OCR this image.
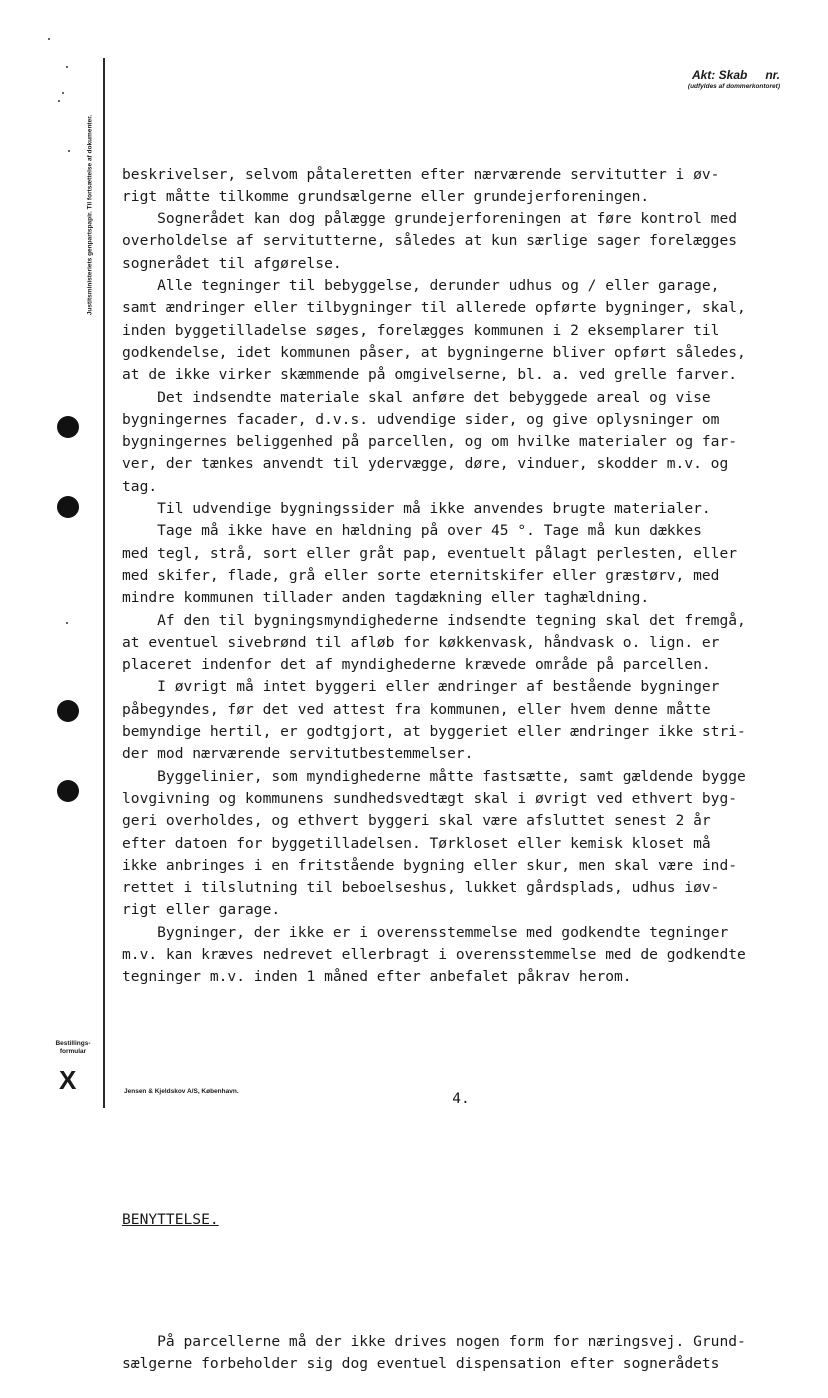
Justitsministeriets genpartspapir. Til fortsættelse af dokumenter.
Akt: Skab nr.
(udfyldes af dommerkontoret)

beskrivelser, selvom påtaleretten efter nærværende servitutter i øv-
rigt måtte tilkomme grundsælgerne eller grundejerforeningen.
Sognerådet kan dog pålægge grundejerforeningen at føre kontrol med
overholdelse af servitutterne, således at kun særlige sager forelægges
sognerådet til afgørelse.
Alle tegninger til bebyggelse, derunder udhus og / eller garage,
samt ændringer eller tilbygninger til allerede opførte bygninger, skal,
inden byggetilladelse søges, forelægges kommunen i 2 eksemplarer til
godkendelse, idet kommunen påser, at bygningerne bliver opført således,
at de ikke virker skæmmende på omgivelserne, bl. a. ved grelle farver.
Det indsendte materiale skal anføre det bebyggede areal og vise
bygningernes facader, d.v.s. udvendige sider, og give oplysninger om
bygningernes beliggenhed på parcellen, og om hvilke materialer og far-
ver, der tænkes anvendt til ydervægge, døre, vinduer, skodder m.v. og
tag.
Til udvendige bygningssider må ikke anvendes brugte materialer.
Tage må ikke have en hældning på over 45 °. Tage må kun dækkes
med tegl, strå, sort eller gråt pap, eventuelt pålagt perlesten, eller
med skifer, flade, grå eller sorte eternitskifer eller græstørv, med
mindre kommunen tillader anden tagdækning eller taghældning.
Af den til bygningsmyndighederne indsendte tegning skal det fremgå,
at eventuel sivebrønd til afløb for køkkenvask, håndvask o. lign. er
placeret indenfor det af myndighederne krævede område på parcellen.
I øvrigt må intet byggeri eller ændringer af bestående bygninger
påbegyndes, før det ved attest fra kommunen, eller hvem denne måtte
bemyndige hertil, er godtgjort, at byggeriet eller ændringer ikke stri-
der mod nærværende servitutbestemmelser.
Byggelinier, som myndighederne måtte fastsætte, samt gældende bygge
lovgivning og kommunens sundhedsvedtægt skal i øvrigt ved ethvert byg-
geri overholdes, og ethvert byggeri skal være afsluttet senest 2 år
efter datoen for byggetilladelsen. Tørkloset eller kemisk kloset må
ikke anbringes i en fritstående bygning eller skur, men skal være ind-
rettet i tilslutning til beboelseshus, lukket gårdsplads, udhus iøv-
rigt eller garage.
Bygninger, der ikke er i overensstemmelse med godkendte tegninger
m.v. kan kræves nedrevet ellerbragt i overensstemmelse med de godkendte
tegninger m.v. inden 1 måned efter anbefalet påkrav herom.

4.

BENYTTELSE.

På parcellerne må der ikke drives nogen form for næringsvej. Grund-
sælgerne forbeholder sig dog eventuel dispensation efter sognerådets

Bestillings-
formular
X	Jensen & Kjeldskov A/S, København.
